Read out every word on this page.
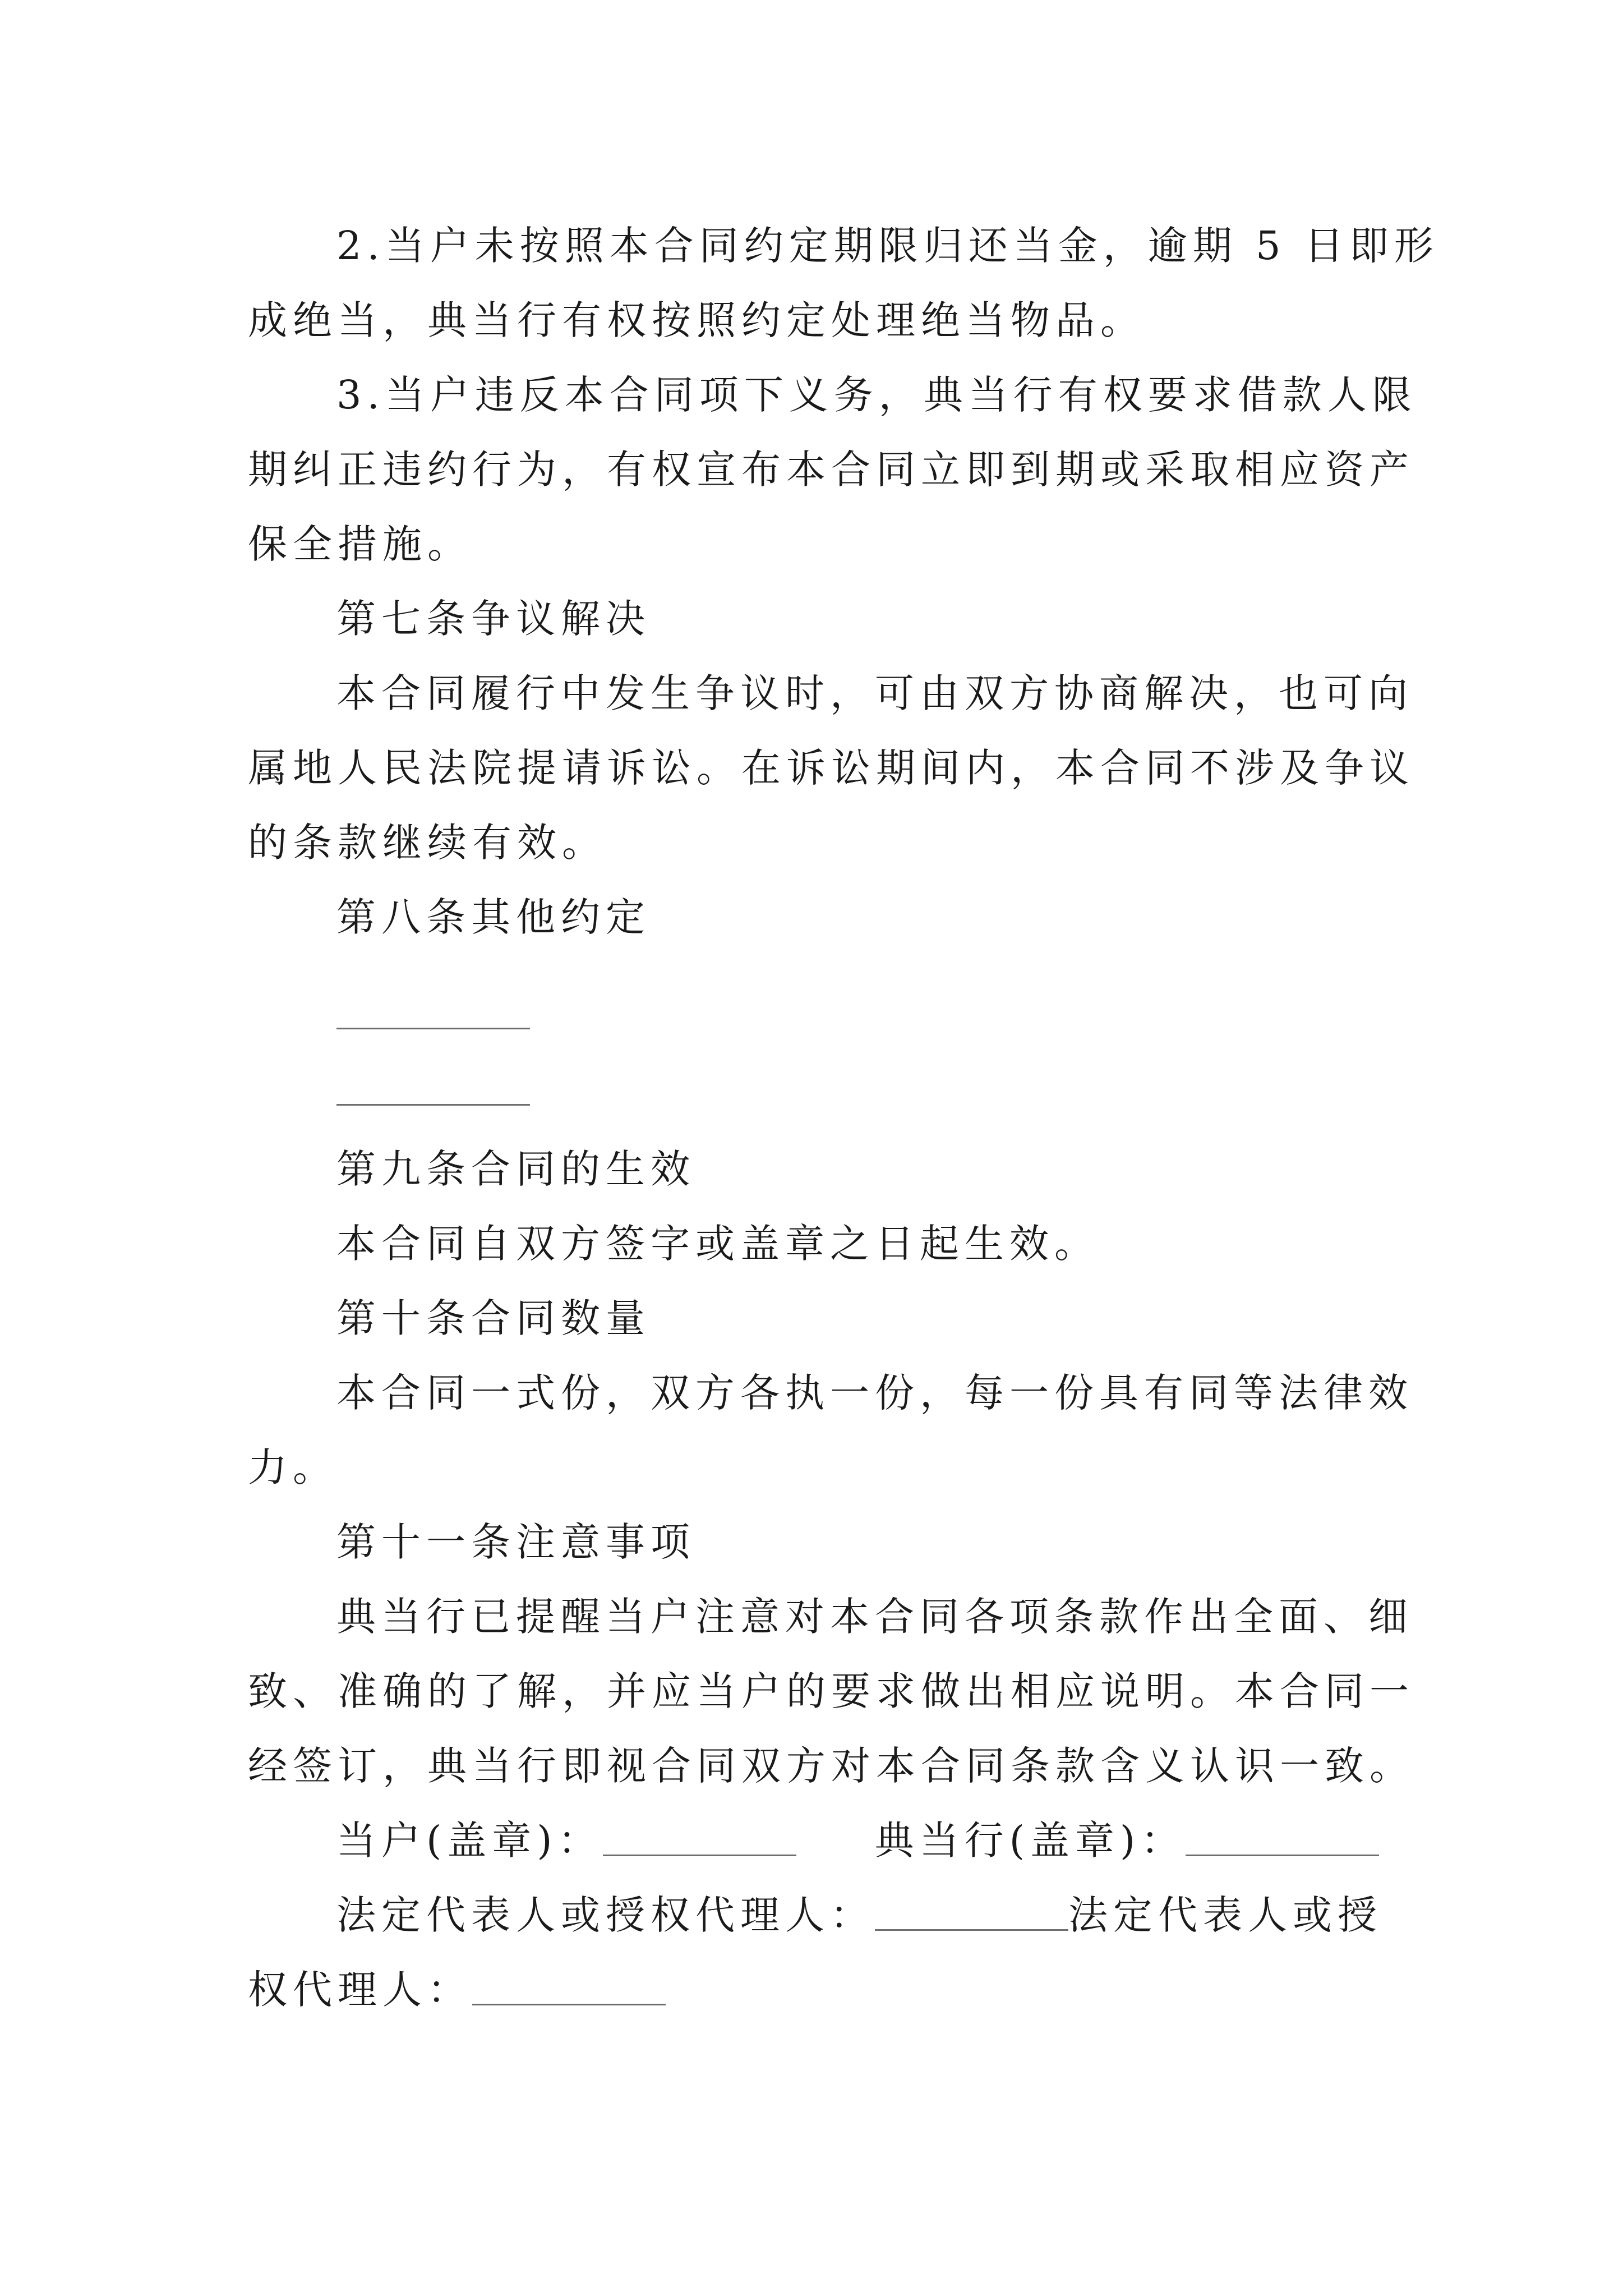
2.当户未按照本合同约定期限归还当金，逾期 5 日即形
成绝当，典当行有权按照约定处理绝当物品。
3.当户违反本合同项下义务，典当行有权要求借款人限
期纠正违约行为，有权宣布本合同立即到期或采取相应资产
保全措施。
第七条争议解决
本合同履行中发生争议时，可由双方协商解决，也可向
属地人民法院提请诉讼。在诉讼期间内，本合同不涉及争议
的条款继续有效。
第八条其他约定
第九条合同的生效
本合同自双方签字或盖章之日起生效。
第十条合同数量
本合同一式份，双方各执一份，每一份具有同等法律效
力。
第十一条注意事项
典当行已提醒当户注意对本合同各项条款作出全面、细
致、准确的了解，并应当户的要求做出相应说明。本合同一
经签订，典当行即视合同双方对本合同条款含义认识一致。
当户(盖章)：	典当行(盖章)：
法定代表人或授权代理人：	法定代表人或授
权代理人：
